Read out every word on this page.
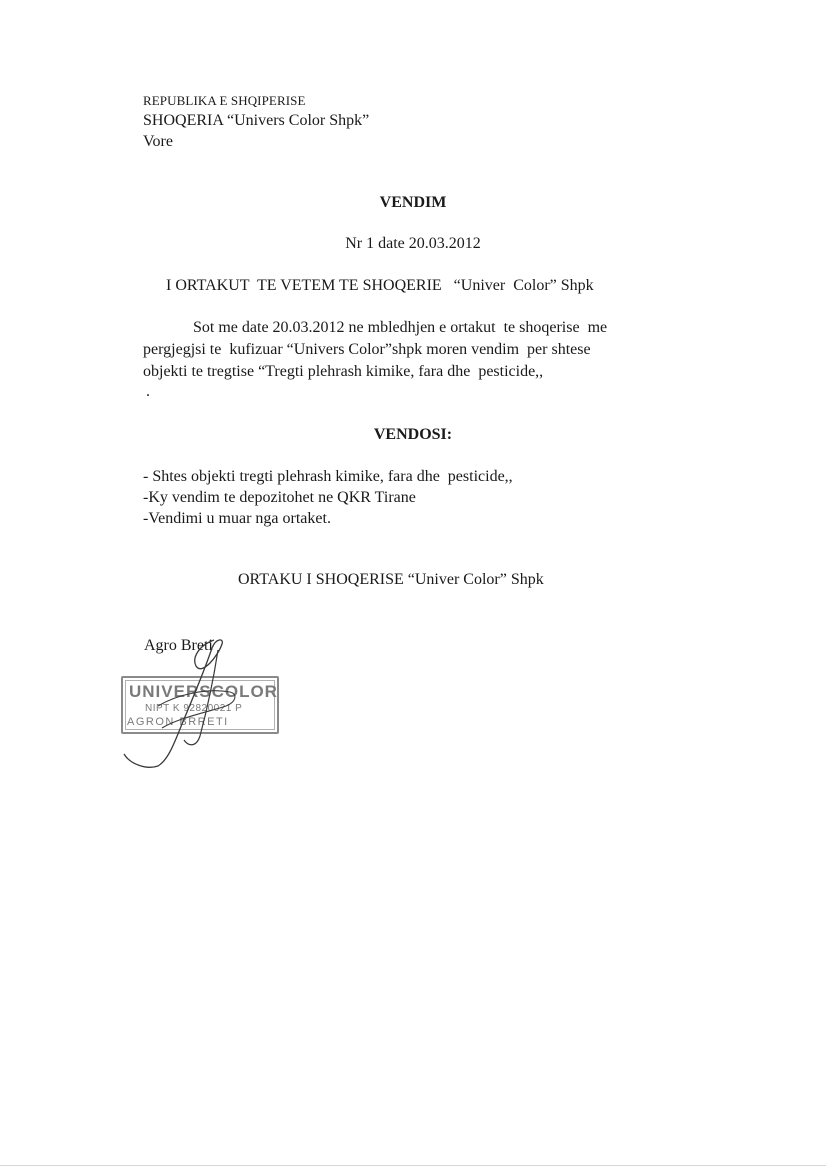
REPUBLIKA E SHQIPERISE
SHOQERIA “Univers Color Shpk”
Vore
VENDIM
Nr 1 date 20.03.2012
I ORTAKUT  TE VETEM TE SHOQERIE   “Univer  Color” Shpk
Sot me date 20.03.2012 ne mbledhjen e ortakut  te shoqerise  me
pergjegjsi te  kufizuar “Univers Color”shpk moren vendim  per shtese
objekti te tregtise “Tregti plehrash kimike, fara dhe  pesticide,,
.
VENDOSI:
- Shtes objekti tregti plehrash kimike, fara dhe  pesticide,,
-Ky vendim te depozitohet ne QKR Tirane
-Vendimi u muar nga ortaket.
ORTAKU I SHOQERISE “Univer Color” Shpk
Agro Breti
UNIVERSCOLOR
NIPT K 92820021 P
AGRON BRRETI
